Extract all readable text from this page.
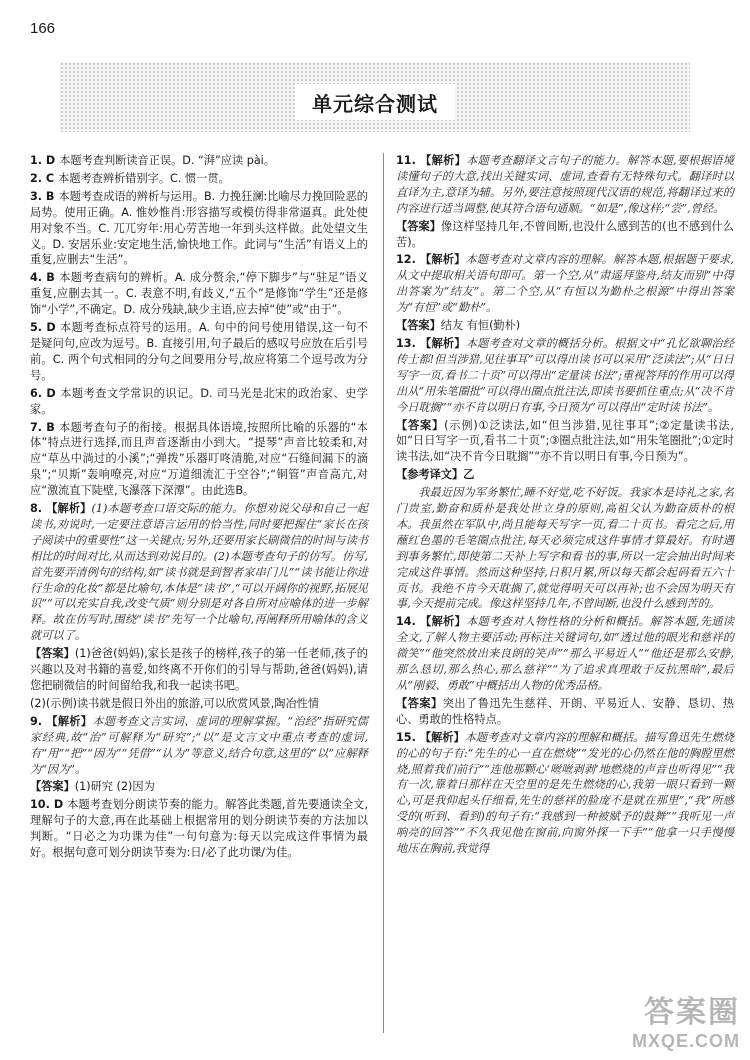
166
单元综合测试
1. D 本题考查判断读音正误。D. “湃”应读 pài。
2. C 本题考查辨析错别字。C. 惯一贯。
3. B 本题考查成语的辨析与运用。B. 力挽狂澜:比喻尽力挽回险恶的局势。使用正确。A. 惟妙惟肖:形容描写或模仿得非常逼真。此处使用对象不当。C. 兀兀穷年:用心劳苦地一年到头这样做。此处望文生义。D. 安居乐业:安定地生活,愉快地工作。此词与“生活”有语义上的重复,应删去“生活”。
4. B 本题考查病句的辨析。A. 成分赘余,“停下脚步”与“驻足”语义重复,应删去其一。C. 表意不明,有歧义,“五个”是修饰“学生”还是修饰“小学”,不确定。D. 成分残缺,缺少主语,应去掉“使”或“由于”。
5. D 本题考查标点符号的运用。A. 句中的问号使用错误,这一句不是疑问句,应改为逗号。B. 直接引用,句子最后的感叹号应放在后引号前。C. 两个句式相同的分句之间要用分号,故应将第二个逗号改为分号。
6. D 本题考查文学常识的识记。D. 司马光是北宋的政治家、史学家。
7. B 本题考查句子的衔接。根据具体语境,按照所比喻的乐器的“本体”特点进行选择,而且声音逐渐由小到大。“提琴”声音比较柔和,对应“草丛中淌过的小溪”;“弹拨”乐器叮咚清脆,对应“石缝间漏下的滴泉”;“贝斯”轰响嘹亮,对应“万道细流汇于空谷”;“铜管”声音高亢,对应“激流直下陡壁,飞瀑落下深潭”。由此选B。
8. 【解析】(1)本题考查口语交际的能力。你想劝说父母和自己一起读书,劝说时,一定要注意语言运用的恰当性,同时要把握住“家长在孩子阅读中的重要性”这一关键点;另外,还要用家长刷微信的时间与读书相比的时间对比,从而达到劝说目的。(2)本题考查句子的仿写。仿写,首先要弄清例句的结构,如“读书就是到智者家串门儿”“读书能让你进行生命的化妆”都是比喻句,本体是“读书”,“可以开阔你的视野,拓展见识”“可以充实自我,改变气质”则分别是对各自所对应喻体的进一步解释。故在仿写时,围绕“读书”先写一个比喻句,再阐释所用喻体的含义就可以了。
【答案】(1)爸爸(妈妈),家长是孩子的榜样,孩子的第一任老师,孩子的兴趣以及对书籍的喜爱,如终离不开你们的引导与帮助,爸爸(妈妈),请您把刷微信的时间留给我,和我一起读书吧。
(2)(示例)读书就是假日外出的旅游,可以欣赏风景,陶冶性情
9. 【解析】本题考查文言实词、虚词的理解掌握。“治经”指研究儒家经典,故“治”可解释为“研究”;“以”是文言文中重点考查的虚词,有“用”“把”“因为”“凭借”“认为”等意义,结合句意,这里的“以”应解释为“因为”。
【答案】(1)研究 (2)因为
10. D 本题考查划分朗读节奏的能力。解答此类题,首先要通读全文,理解句子的大意,再在此基础上根据常用的划分朗读节奏的方法加以判断。“日必之为功课为佳”一句句意为:每天以完成这件事情为最好。根据句意可划分朗读节奏为:日/必了此功课/为佳。
11. 【解析】本题考查翻译文言句子的能力。解答本题,要根据语境读懂句子的大意,找出关键实词、虚词,查看有无特殊句式。翻译时以直译为主,意译为辅。另外,要注意按照现代汉语的规范,将翻译过来的内容进行适当调整,使其符合语句通顺。“如是”,像这样;“尝”,曾经。
【答案】像这样坚持几年,不曾间断,也没什么感到苦的(也不感到什么苦)。
12. 【解析】本题考查对文章内容的理解。解答本题,根据题干要求,从文中提取相关语句即可。第一个空,从“肃遥拜鉴舟,结友而别”中得出答案为“结友”。第二个空,从“有恒以为勤朴之根源”中得出答案为“有恒”或“勤朴”。
【答案】结友 有恒(勤朴)
13. 【解析】本题考查对文章的概括分析。根据文中“孔忆欲聊治经传士都!但当涉猎,见往事耳”可以得出读书可以采用“泛读法”;从“日日写字一页,看书二十页”可以得出“定量读书法”;重视答拜的作用可以得出从“用朱笔圈批”可以得出圈点批注法,即读书要抓住重点;从“决不肯今日耽搁”“亦不肯以明日有事,今日预为”可以得出“定时读书法”。
【答案】(示例)①泛读法,如“但当涉猎,见往事耳”;②定量读书法,如“日日写字一页,看书二十页”;③圈点批注法,如“用朱笔圈批”;①定时读书法,如“决不肯今日耽搁”“亦不肯以明日有事,今日预为”。
【参考译文】乙
我最近因为军务繁忙,睡不好觉,吃不好饭。我家本是诗礼之家,名门贵室,勤奋和质朴是我处世立身的原则,高祖父认为勤奋质朴的根本。我虽然在军队中,尚且能每天写字一页,看二十页书。看完之后,用蘸红色墨的毛笔圈点批注,每天必须完成这件事情才算最好。有时遇到事务繁忙,即使第二天补上写字和看书的事,所以一定会抽出时间来完成这件事情。然而这种坚持,日积月累,所以每天都会起码看五六十页书。我绝不肯今天耽搁了,就觉得明天可以再补;也不会因为明天有事,今天提前完成。像这样坚持几年,不曾间断,也没什么感到苦的。
14. 【解析】本题考查对人物性格的分析和概括。解答本题,先通读全文,了解人物主要活动;再标注关键词句,如“透过他的眼光和慈祥的微笑”“他突然放出来良朗的笑声”“那么平易近人”“他还是那么安静,那么恳切,那么热心,那么慈祥”“为了追求真理敢于反抗黑暗”,最后从“刚毅、勇敢”中概括出人物的优秀品格。
【答案】突出了鲁迅先生慈祥、开朗、平易近人、安静、恳切、热心、勇敢的性格特点。
15. 【解析】本题考查对文章内容的理解和概括。描写鲁迅先生燃烧的心的句子有:“先生的心一直在燃烧”“发光的心仍然在他的胸膛里燃烧,照着我们前行”“连他那颗心‘咝咝剥剥’地燃烧的声音也听得见”“我有一次,靠着日那样在天空里的是先生燃烧的心,我第一眼只看到一颗心,可是我仰起头仔细看,先生的慈祥的脸庞不是就在那里”,“我”所感受的(听到、看到)的句子有:“我感到一种被赋予的鼓舞”“我听见一声响亮的回答”“不久我见他在窗前,向窗外探一下手”“他拿一只手慢慢地压在胸前,我觉得
答案圈
MXQE.COM
